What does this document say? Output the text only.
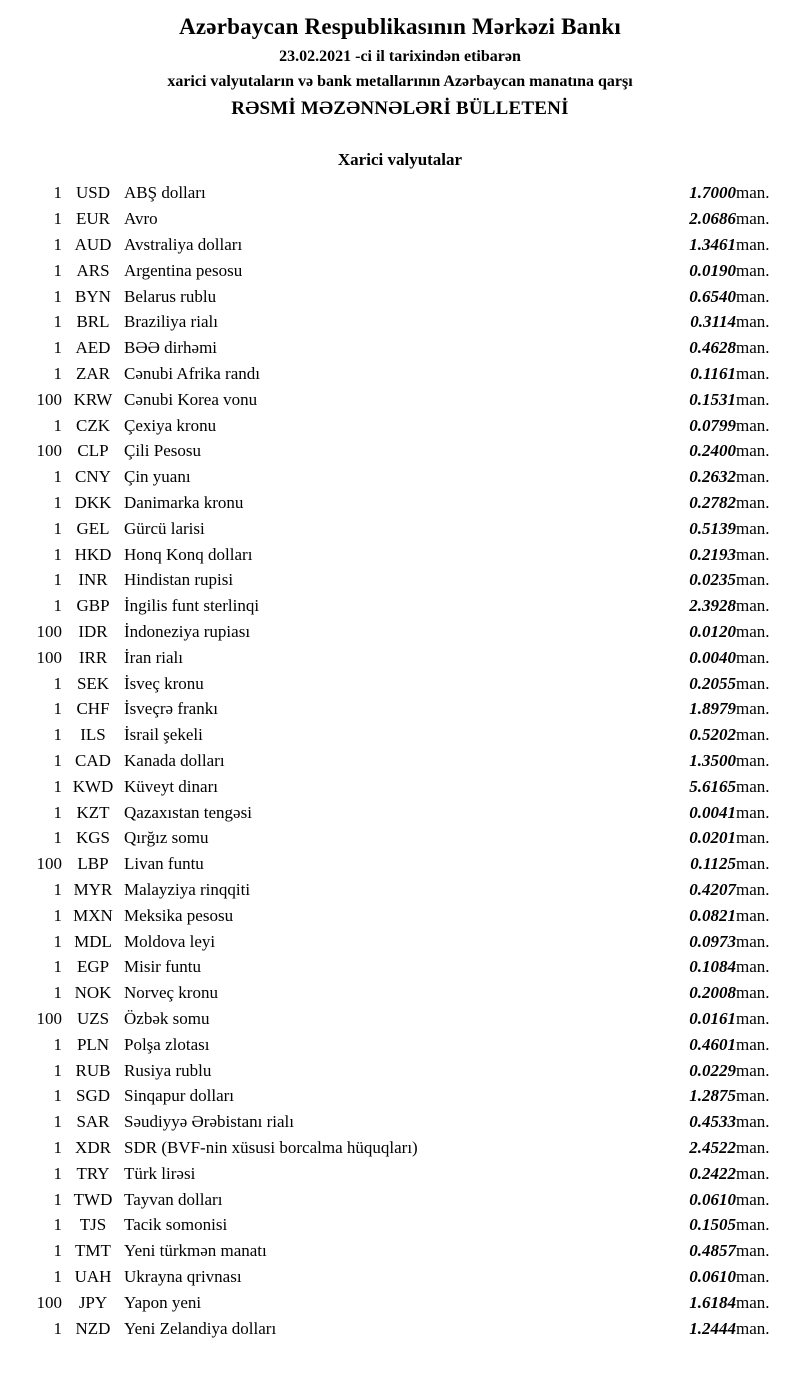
Azərbaycan Respublikasının Mərkəzi Bankı
23.02.2021 -ci il tarixindən etibarən
xarici valyutaların və bank metallarının Azərbaycan manatına qarşı
RƏSMİ MƏZƏNNƏLƏRİ BÜLLETENİ
Xarici valyutalar
1	USD	ABŞ dolları	1.7000	man.
1	EUR	Avro	2.0686	man.
1	AUD	Avstraliya dolları	1.3461	man.
1	ARS	Argentina pesosu	0.0190	man.
1	BYN	Belarus rublu	0.6540	man.
1	BRL	Braziliya rialı	0.3114	man.
1	AED	BƏƏ dirhəmi	0.4628	man.
1	ZAR	Cənubi Afrika randı	0.1161	man.
100	KRW	Cənubi Korea vonu	0.1531	man.
1	CZK	Çexiya kronu	0.0799	man.
100	CLP	Çili Pesosu	0.2400	man.
1	CNY	Çin yuanı	0.2632	man.
1	DKK	Danimarka kronu	0.2782	man.
1	GEL	Gürcü larisi	0.5139	man.
1	HKD	Honq Konq dolları	0.2193	man.
1	INR	Hindistan rupisi	0.0235	man.
1	GBP	İngilis funt sterlinqi	2.3928	man.
100	IDR	İndoneziya rupiası	0.0120	man.
100	IRR	İran rialı	0.0040	man.
1	SEK	İsveç kronu	0.2055	man.
1	CHF	İsveçrə frankı	1.8979	man.
1	ILS	İsrail şekeli	0.5202	man.
1	CAD	Kanada dolları	1.3500	man.
1	KWD	Küveyt dinarı	5.6165	man.
1	KZT	Qazaxıstan tengəsi	0.0041	man.
1	KGS	Qırğız somu	0.0201	man.
100	LBP	Livan funtu	0.1125	man.
1	MYR	Malayziya rinqqiti	0.4207	man.
1	MXN	Meksika pesosu	0.0821	man.
1	MDL	Moldova leyi	0.0973	man.
1	EGP	Misir funtu	0.1084	man.
1	NOK	Norveç kronu	0.2008	man.
100	UZS	Özbək somu	0.0161	man.
1	PLN	Polşa zlotası	0.4601	man.
1	RUB	Rusiya rublu	0.0229	man.
1	SGD	Sinqapur dolları	1.2875	man.
1	SAR	Səudiyyə Ərəbistanı rialı	0.4533	man.
1	XDR	SDR (BVF-nin xüsusi borcalma hüquqları)	2.4522	man.
1	TRY	Türk lirəsi	0.2422	man.
1	TWD	Tayvan dolları	0.0610	man.
1	TJS	Tacik somonisi	0.1505	man.
1	TMT	Yeni türkmən manatı	0.4857	man.
1	UAH	Ukrayna qrivnası	0.0610	man.
100	JPY	Yapon yeni	1.6184	man.
1	NZD	Yeni Zelandiya dolları	1.2444	man.
